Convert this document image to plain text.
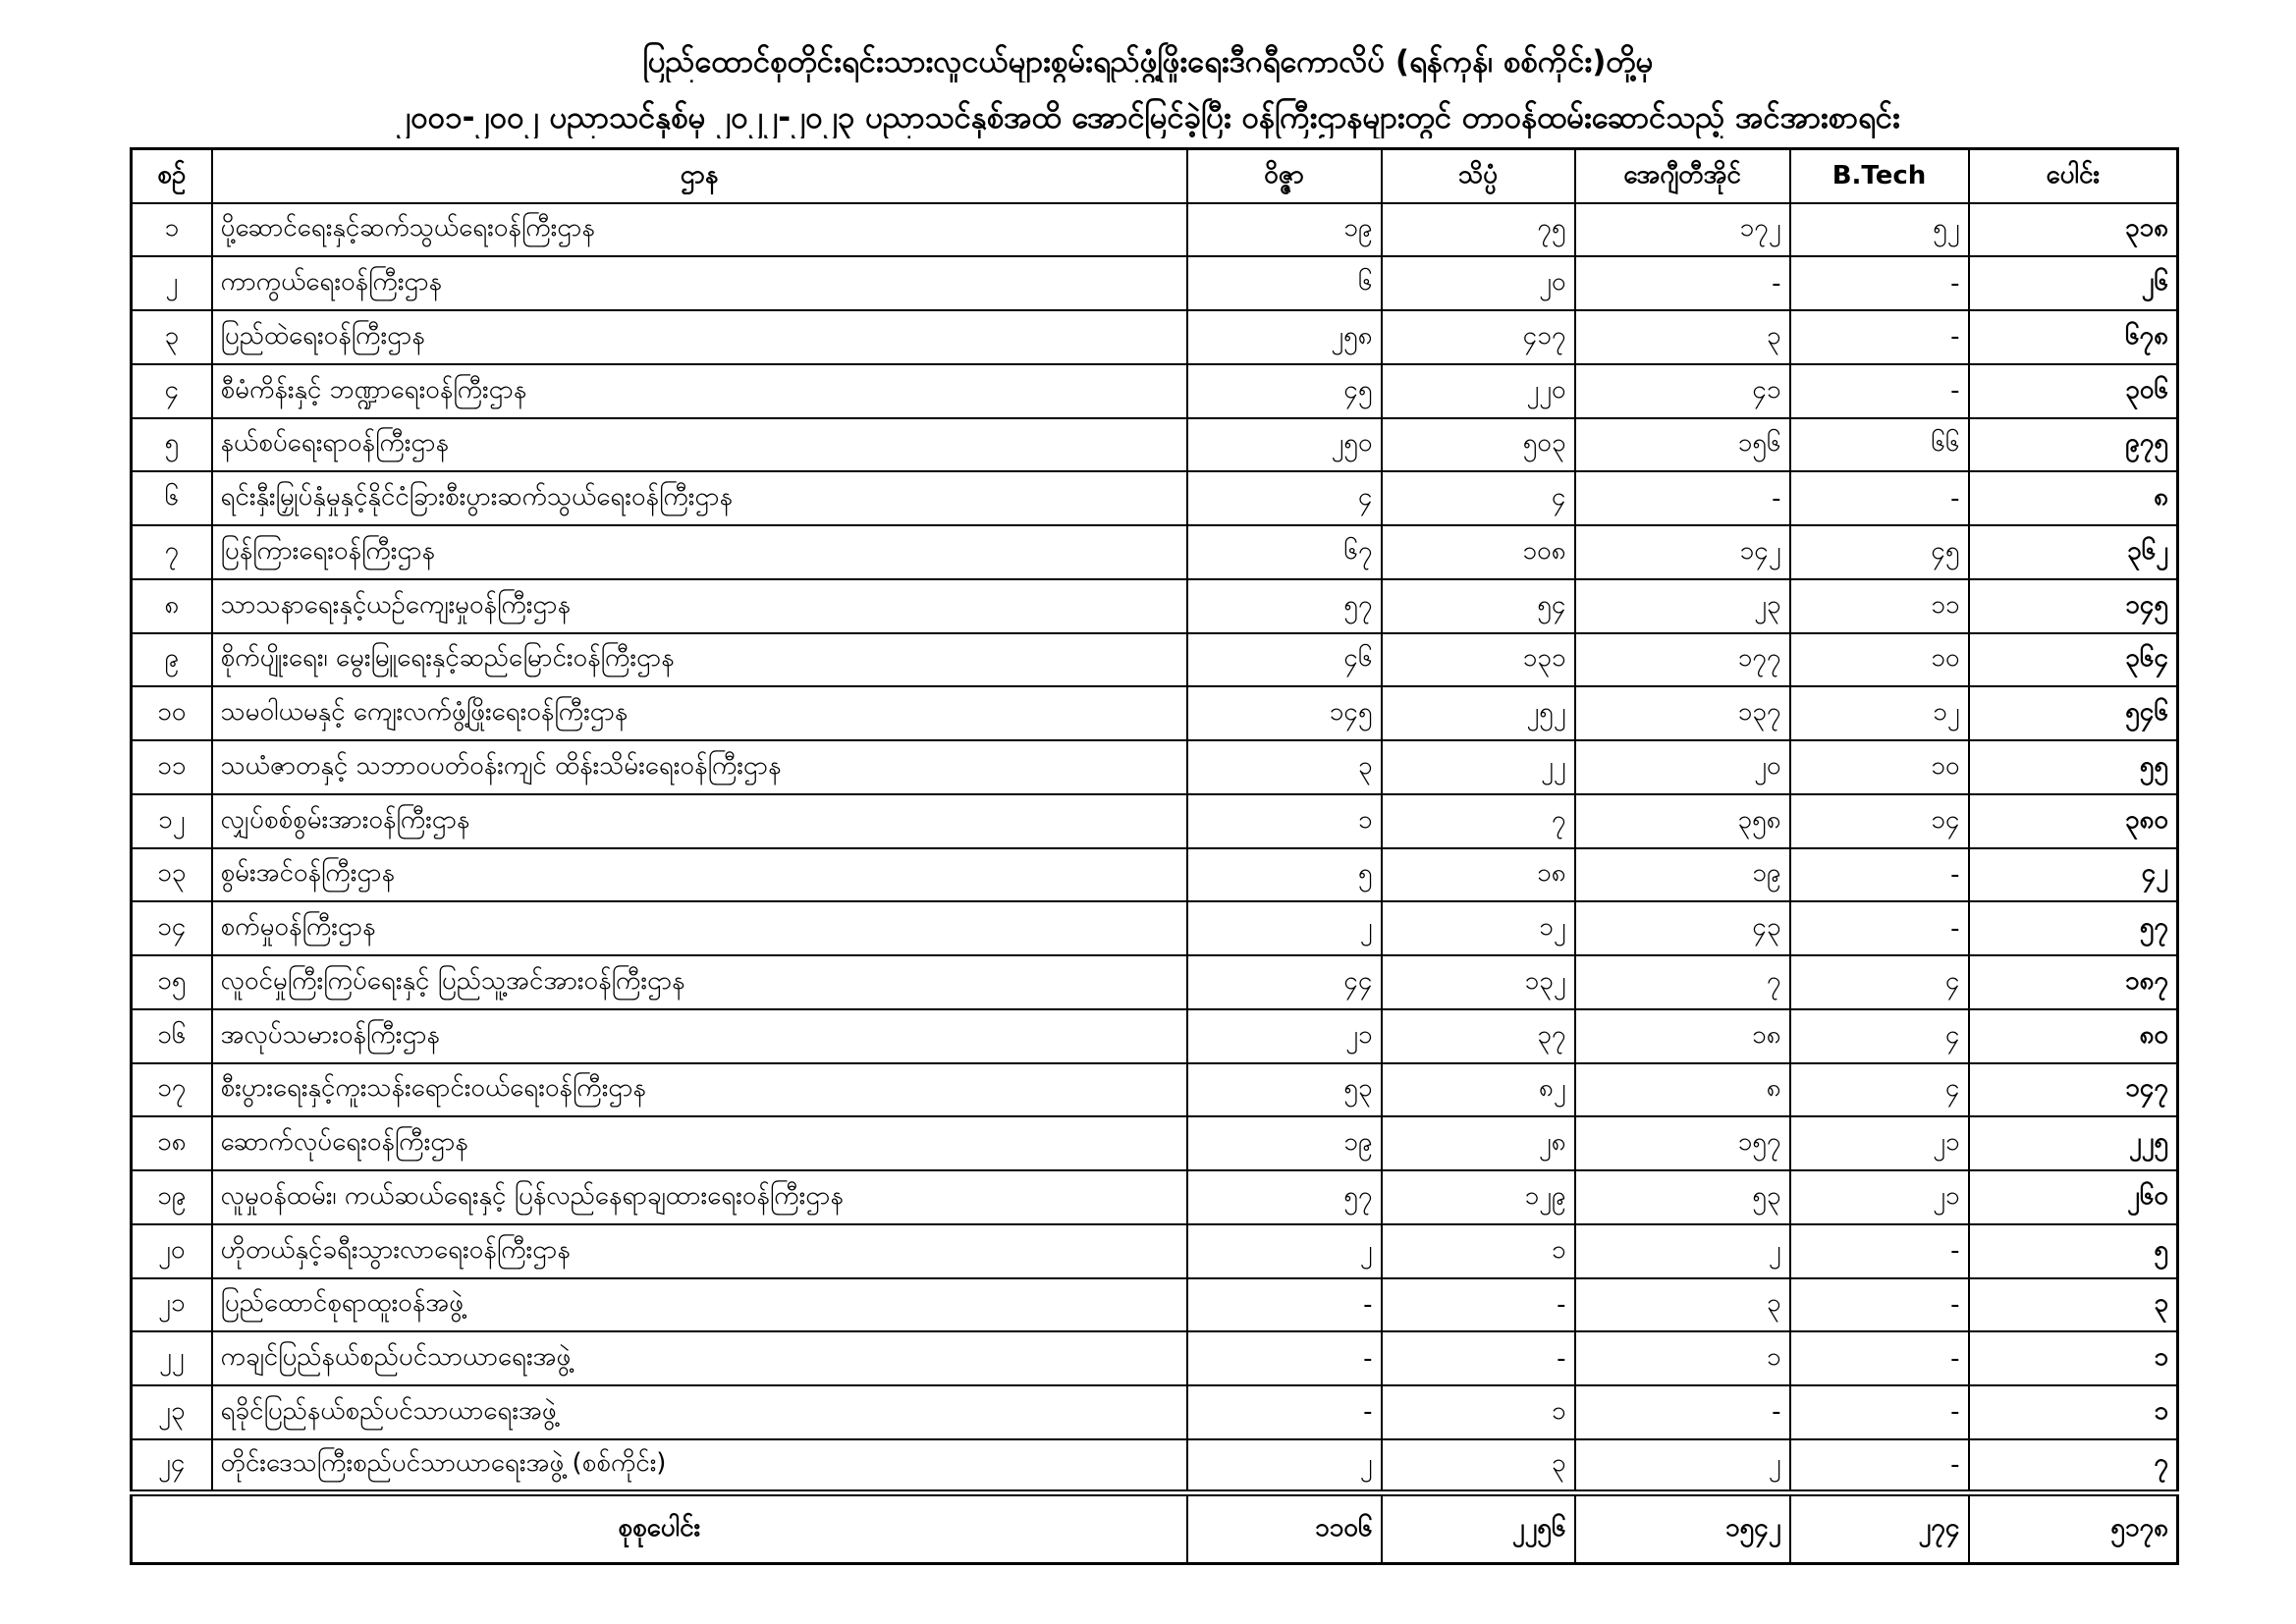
ပြည်ထောင်စုတိုင်းရင်းသားလူငယ်များစွမ်းရည်ဖွံ့ဖြိုးရေးဒီဂရီကောလိပ် (ရန်ကုန်၊ စစ်ကိုင်း)တို့မှ
၂၀၀၁-၂၀၀၂ ပညာသင်နှစ်မှ ၂၀၂၂-၂၀၂၃ ပညာသင်နှစ်အထိ အောင်မြင်ခဲ့ပြီး ဝန်ကြီးဌာနများတွင် တာဝန်ထမ်းဆောင်သည့် အင်အားစာရင်း
စဉ်	ဌာန	ဝိဇ္ဇာ	သိပ္ပံ	အေဂျီတီအိုင်	B.Tech	ပေါင်း
၁	ပို့ဆောင်ရေးနှင့်ဆက်သွယ်ရေးဝန်ကြီးဌာန	၁၉	၇၅	၁၇၂	၅၂	၃၁၈
၂	ကာကွယ်ရေးဝန်ကြီးဌာန	၆	၂၀	-	-	၂၆
၃	ပြည်ထဲရေးဝန်ကြီးဌာန	၂၅၈	၄၁၇	၃	-	၆၇၈
၄	စီမံကိန်းနှင့် ဘဏ္ဍာရေးဝန်ကြီးဌာန	၄၅	၂၂၀	၄၁	-	၃၀၆
၅	နယ်စပ်ရေးရာဝန်ကြီးဌာန	၂၅၀	၅၀၃	၁၅၆	၆၆	၉၇၅
၆	ရင်းနှီးမြှုပ်နှံမှုနှင့်နိုင်ငံခြားစီးပွားဆက်သွယ်ရေးဝန်ကြီးဌာန	၄	၄	-	-	၈
၇	ပြန်ကြားရေးဝန်ကြီးဌာန	၆၇	၁၀၈	၁၄၂	၄၅	၃၆၂
၈	သာသနာရေးနှင့်ယဉ်ကျေးမှုဝန်ကြီးဌာန	၅၇	၅၄	၂၃	၁၁	၁၄၅
၉	စိုက်ပျိုးရေး၊ မွေးမြူရေးနှင့်ဆည်မြောင်းဝန်ကြီးဌာန	၄၆	၁၃၁	၁၇၇	၁၀	၃၆၄
၁၀	သမဝါယမနှင့် ကျေးလက်ဖွံ့ဖြိုးရေးဝန်ကြီးဌာန	၁၄၅	၂၅၂	၁၃၇	၁၂	၅၄၆
၁၁	သယံဇာတနှင့် သဘာဝပတ်ဝန်းကျင် ထိန်းသိမ်းရေးဝန်ကြီးဌာန	၃	၂၂	၂၀	၁၀	၅၅
၁၂	လျှပ်စစ်စွမ်းအားဝန်ကြီးဌာန	၁	၇	၃၅၈	၁၄	၃၈၀
၁၃	စွမ်းအင်ဝန်ကြီးဌာန	၅	၁၈	၁၉	-	၄၂
၁၄	စက်မှုဝန်ကြီးဌာန	၂	၁၂	၄၃	-	၅၇
၁၅	လူဝင်မှုကြီးကြပ်ရေးနှင့် ပြည်သူ့အင်အားဝန်ကြီးဌာန	၄၄	၁၃၂	၇	၄	၁၈၇
၁၆	အလုပ်သမားဝန်ကြီးဌာန	၂၁	၃၇	၁၈	၄	၈၀
၁၇	စီးပွားရေးနှင့်ကူးသန်းရောင်းဝယ်ရေးဝန်ကြီးဌာန	၅၃	၈၂	၈	၄	၁၄၇
၁၈	ဆောက်လုပ်ရေးဝန်ကြီးဌာန	၁၉	၂၈	၁၅၇	၂၁	၂၂၅
၁၉	လူမှုဝန်ထမ်း၊ ကယ်ဆယ်ရေးနှင့် ပြန်လည်နေရာချထားရေးဝန်ကြီးဌာန	၅၇	၁၂၉	၅၃	၂၁	၂၆၀
၂၀	ဟိုတယ်နှင့်ခရီးသွားလာရေးဝန်ကြီးဌာန	၂	၁	၂	-	၅
၂၁	ပြည်ထောင်စုရာထူးဝန်အဖွဲ့	-	-	၃	-	၃
၂၂	ကချင်ပြည်နယ်စည်ပင်သာယာရေးအဖွဲ့	-	-	၁	-	၁
၂၃	ရခိုင်ပြည်နယ်စည်ပင်သာယာရေးအဖွဲ့	-	၁	-	-	၁
၂၄	တိုင်းဒေသကြီးစည်ပင်သာယာရေးအဖွဲ့ (စစ်ကိုင်း)	၂	၃	၂	-	၇
စုစုပေါင်း		၁၁၀၆	၂၂၅၆	၁၅၄၂	၂၇၄	၅၁၇၈
